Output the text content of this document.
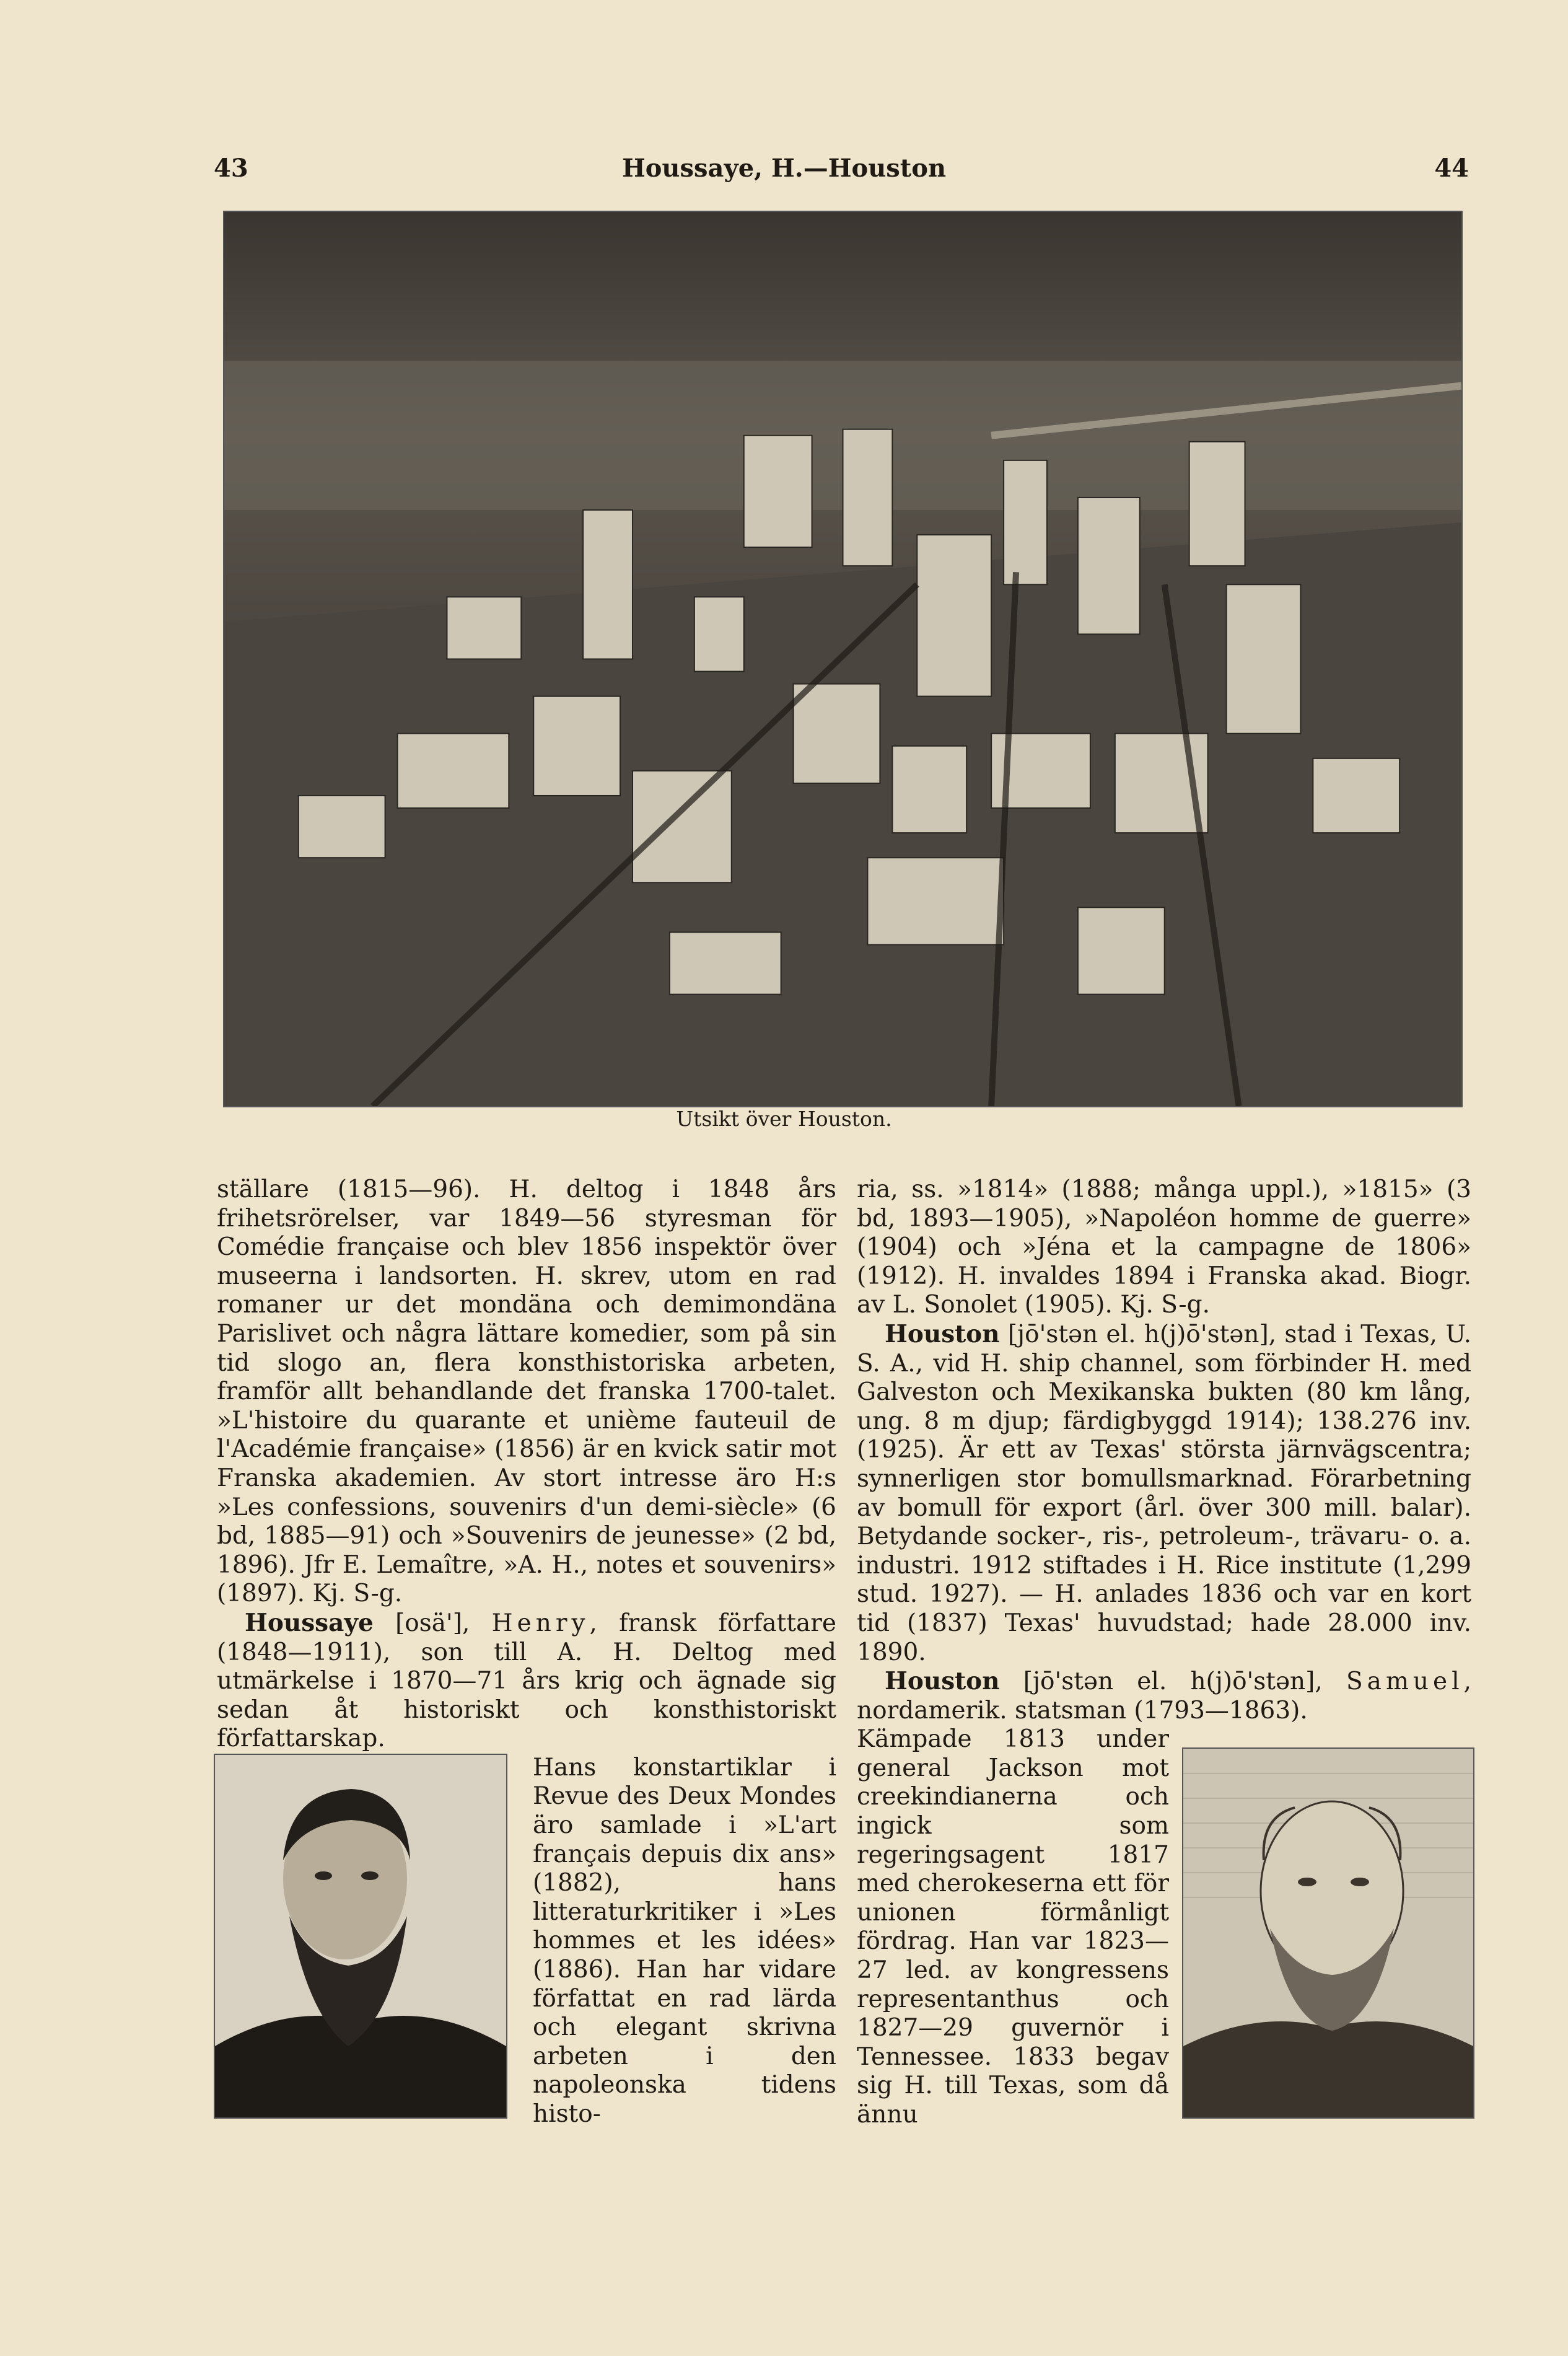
43	Houssaye, H.—Houston	44
Utsikt över Houston.

ställare (1815—96). H. deltog i 1848 års frihetsrörelser, var 1849—56 styresman för Comédie française och blev 1856 inspektör över museerna i landsorten. H. skrev, utom en rad romaner ur det mondäna och demimondäna Parislivet och några lättare komedier, som på sin tid slogo an, flera konsthistoriska arbeten, framför allt behandlande det franska 1700-talet. »L'histoire du quarante et unième fauteuil de l'Académie française» (1856) är en kvick satir mot Franska akademien. Av stort intresse äro H:s »Les confessions, souvenirs d'un demi-siècle» (6 bd, 1885—91) och »Souvenirs de jeunesse» (2 bd, 1896). Jfr E. Lemaître, »A. H., notes et souvenirs» (1897). Kj. S-g.

Houssaye [osä'], Henry, fransk författare (1848—1911), son till A. H. Deltog med utmärkelse i 1870—71 års krig och ägnade sig sedan åt historiskt och konsthistoriskt författarskap.

Hans konstartiklar i Revue des Deux Mondes äro samlade i »L'art français depuis dix ans» (1882), hans litteraturkritiker i »Les hommes et les idées» (1886). Han har vidare författat en rad lärda och elegant skrivna arbeten i den napoleonska tidens histo-

ria, ss. »1814» (1888; många uppl.), »1815» (3 bd, 1893—1905), »Napoléon homme de guerre» (1904) och »Jéna et la campagne de 1806» (1912). H. invaldes 1894 i Franska akad. Biogr. av L. Sonolet (1905). Kj. S-g.

Houston [jō'stən el. h(j)ō'stən], stad i Texas, U. S. A., vid H. ship channel, som förbinder H. med Galveston och Mexikanska bukten (80 km lång, ung. 8 m djup; färdigbyggd 1914); 138.276 inv. (1925). Är ett av Texas' största järnvägscentra; synnerligen stor bomullsmarknad. Förarbetning av bomull för export (årl. över 300 mill. balar). Betydande socker-, ris-, petroleum-, trävaru- o. a. industri. 1912 stiftades i H. Rice institute (1,299 stud. 1927). — H. anlades 1836 och var en kort tid (1837) Texas' huvudstad; hade 28.000 inv. 1890.

Houston [jō'stən el. h(j)ō'stən], Samuel, nordamerik. statsman (1793—1863).

Kämpade 1813 under general Jackson mot creekindianerna och ingick som regeringsagent 1817 med cherokeserna ett för unionen förmånligt fördrag. Han var 1823—27 led. av kongressens representanthus och 1827—29 guvernör i Tennessee. 1833 begav sig H. till Texas, som då ännu
